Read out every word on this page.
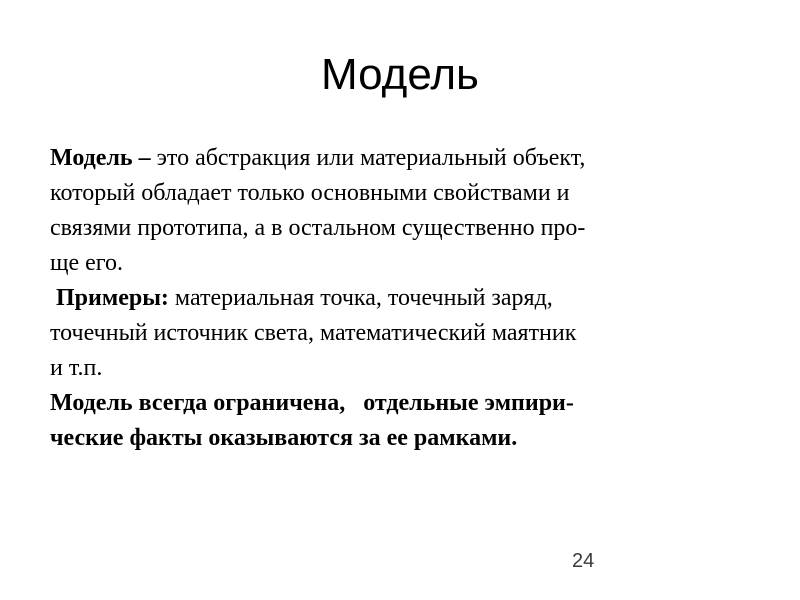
Модель
Модель – это абстракция или материальный объект,
который обладает только основными свойствами и
связями прототипа, а в остальном существенно про-
ще его.
Примеры: материальная точка, точечный заряд,
точечный источник света, математический маятник
и т.п.
Модель всегда ограничена,   отдельные эмпири-
ческие факты оказываются за ее рамками.
24
